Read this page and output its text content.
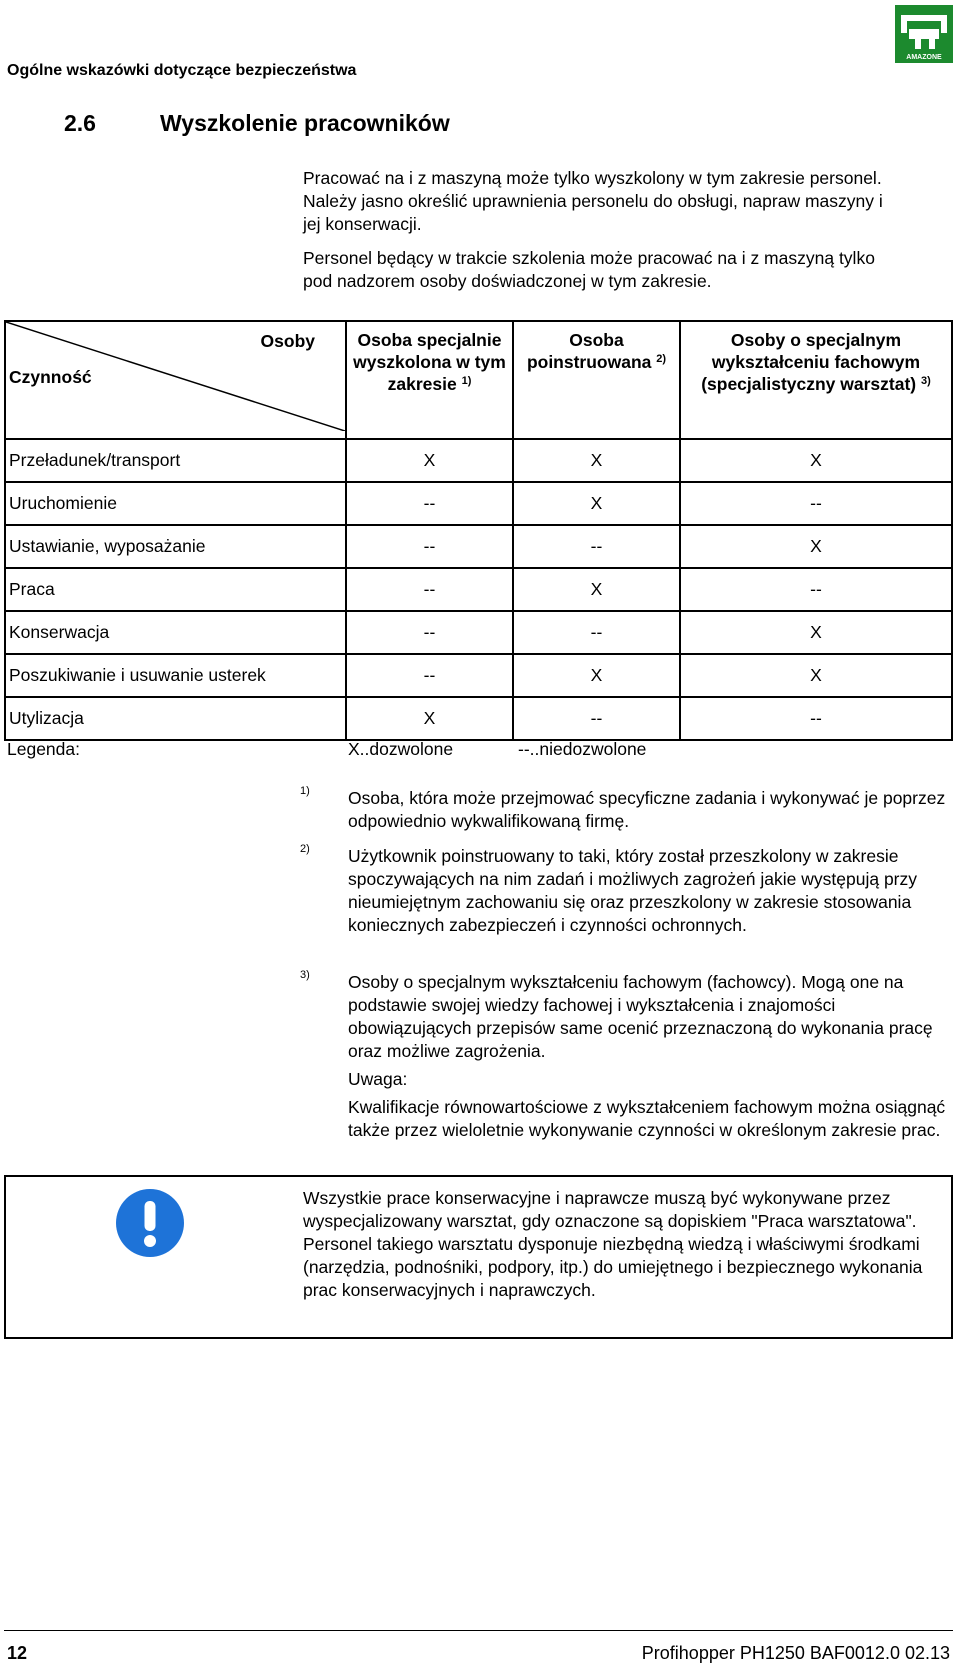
Ogólne wskazówki dotyczące bezpieczeństwa
AMAZONE
2.6	Wyszkolenie pracowników

Pracować na i z maszyną może tylko wyszkolony w tym zakresie personel. Należy jasno określić uprawnienia personelu do obsługi, napraw maszyny i jej konserwacji.

Personel będący w trakcie szkolenia może pracować na i z maszyną tylko pod nadzorem osoby doświadczonej w tym zakresie.

Osoby
Czynność	Osoba specjalnie wyszkolona w tym zakresie $^{1)}$	Osoba poinstruowana $^{2)}$	Osoby o specjalnym wykształceniu fachowym (specjalistyczny warsztat) $^{3)}$
Przeładunek/transport	X	X	X
Uruchomienie	--	X	--
Ustawianie, wyposażanie	--	--	X
Praca	--	X	--
Konserwacja	--	--	X
Poszukiwanie i usuwanie usterek	--	X	X
Utylizacja	X	--	--
Legenda:	X..dozwolone	--..niedozwolone
1) Osoba, która może przejmować specyficzne zadania i wykonywać je poprzez odpowiednio wykwalifikowaną firmę.

2) Użytkownik poinstruowany to taki, który został przeszkolony w zakresie spoczywających na nim zadań i możliwych zagrożeń jakie występują przy nieumiejętnym zachowaniu się oraz przeszkolony w zakresie stosowania koniecznych zabezpieczeń i czynności ochronnych.

3) Osoby o specjalnym wykształceniu fachowym (fachowcy). Mogą one na podstawie swojej wiedzy fachowej i wykształcenia i znajomości obowiązujących przepisów same ocenić przeznaczoną do wykonania pracę oraz możliwe zagrożenia.

Uwaga:

Kwalifikacje równowartościowe z wykształceniem fachowym można osiągnąć także przez wieloletnie wykonywanie czynności w określonym zakresie prac.

Wszystkie prace konserwacyjne i naprawcze muszą być wykonywane przez wyspecjalizowany warsztat, gdy oznaczone są dopiskiem "Praca warsztatowa". Personel takiego warsztatu dysponuje niezbędną wiedzą i właściwymi środkami (narzędzia, podnośniki, podpory, itp.) do umiejętnego i bezpiecznego wykonania prac konserwacyjnych i naprawczych.
12	Profihopper PH1250 BAF0012.0 02.13
